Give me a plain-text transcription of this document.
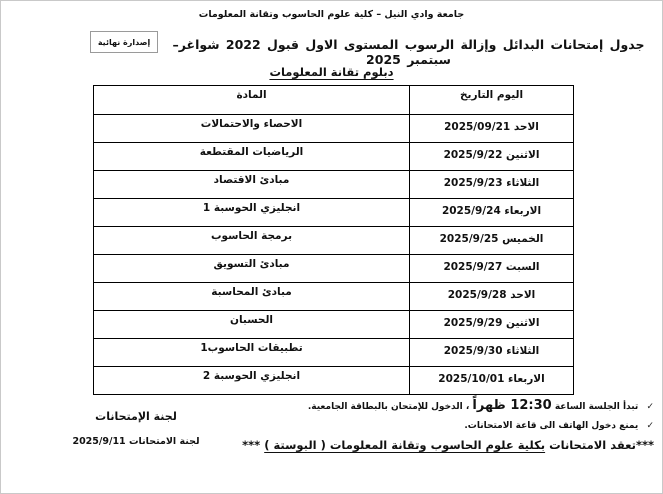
جامعة وادي النيل – كلية علوم الحاسوب وتقانة المعلومات
إصدارة نهائية	جدول إمتحانات البدائل وإزالة الرسوب المستوى الاول قبول 2022 شواغر– سبتمبر 2025
دبلوم تقانة المعلومات
اليوم التاريخ	المادة
الاحد 2025/09/21	الاحصاء والاحتمالات
الاثنين 2025/9/22	الرياضيات المقتطعة
الثلاثاء 2025/9/23	مبادئ الاقتصاد
الاربعاء 2025/9/24	انجليزي الحوسبة 1
الخميس 2025/9/25	برمجة الحاسوب
السبت 2025/9/27	مبادئ التسويق
الاحد 2025/9/28	مبادئ المحاسبة
الاثنين 2025/9/29	الحسبان
الثلاثاء 2025/9/30	تطبيقات الحاسوب1
الاربعاء 2025/10/01	انجليزي الحوسبة 2
✓ تبدأ الجلسة الساعة 12:30 ظهراً ، الدخول للإمتحان بالبطاقة الجامعية.
✓ يمنع دخول الهاتف الى قاعة الامتحانات.
***تعقد الامتحانات بكلية علوم الحاسوب وتقانة المعلومات ( البوستة ) ***
لجنة الإمتحانات
لجنة الامتحانات 2025/9/11
